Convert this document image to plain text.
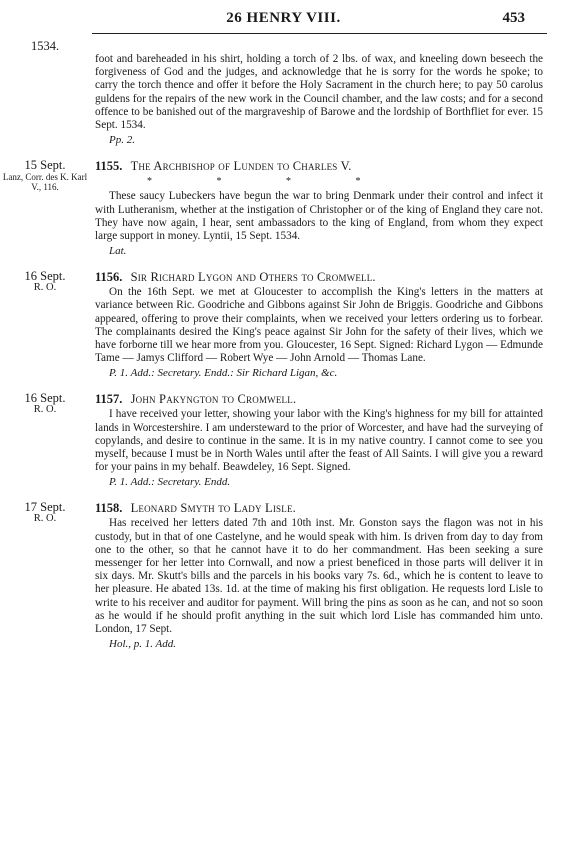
26 HENRY VIII.	453
1534.

foot and bareheaded in his shirt, holding a torch of 2 lbs. of wax, and kneeling down beseech the forgiveness of God and the judges, and acknowledge that he is sorry for the words he spoke; to carry the torch thence and offer it before the Holy Sacrament in the church here; to pay 50 carolus guldens for the repairs of the new work in the Council chamber, and the law costs; and for a second offence to be banished out of the margraveship of Barowe and the lordship of Borthfliet for ever. 15 Sept. 1534.

Pp. 2.
15 Sept.
Lanz, Corr. des K. Karl V., 116.
1155. The Archbishop of Lunden to Charles V.
* * * *

These saucy Lubeckers have begun the war to bring Denmark under their control and infect it with Lutheranism, whether at the instigation of Christopher or of the king of England they care not. They have now again, I hear, sent ambassadors to the king of England, from whom they expect large support in money. Lyntii, 15 Sept. 1534.

Lat.
16 Sept.
R. O.
1156. Sir Richard Lygon and Others to Cromwell.

On the 16th Sept. we met at Gloucester to accomplish the King's letters in the matters at variance between Ric. Goodriche and Gibbons against Sir John de Briggis. Goodriche and Gibbons appeared, offering to prove their complaints, when we received your letters ordering us to forbear. The complainants desired the King's peace against Sir John for the safety of their lives, which we have forborne till we hear more from you. Gloucester, 16 Sept. Signed: Richard Lygon — Edmunde Tame — Jamys Clifford — Robert Wye — John Arnold — Thomas Lane.

P. 1. Add.: Secretary. Endd.: Sir Richard Ligan, &c.
16 Sept.
R. O.
1157. John Pakyngton to Cromwell.

I have received your letter, showing your labor with the King's highness for my bill for attainted lands in Worcestershire. I am understeward to the prior of Worcester, and have had the surveying of copylands, and desire to continue in the same. It is in my native country. I cannot come to see you myself, because I must be in North Wales until after the feast of All Saints. I will give you a reward for your pains in my behalf. Beawdeley, 16 Sept. Signed.

P. 1. Add.: Secretary. Endd.
17 Sept.
R. O.
1158. Leonard Smyth to Lady Lisle.

Has received her letters dated 7th and 10th inst. Mr. Gonston says the flagon was not in his custody, but in that of one Castelyne, and he would speak with him. Is driven from day to day from one to the other, so that he cannot have it to do her commandment. Has been seeking a sure messenger for her letter into Cornwall, and now a priest beneficed in those parts will deliver it in six days. Mr. Skutt's bills and the parcels in his books vary 7s. 6d., which he is content to leave to her pleasure. He abated 13s. 1d. at the time of making his first obligation. He requests lord Lisle to write to his receiver and auditor for payment. Will bring the pins as soon as he can, and not so soon as he would if he should profit anything in the suit which lord Lisle has commanded him unto. London, 17 Sept.

Hol., p. 1. Add.
